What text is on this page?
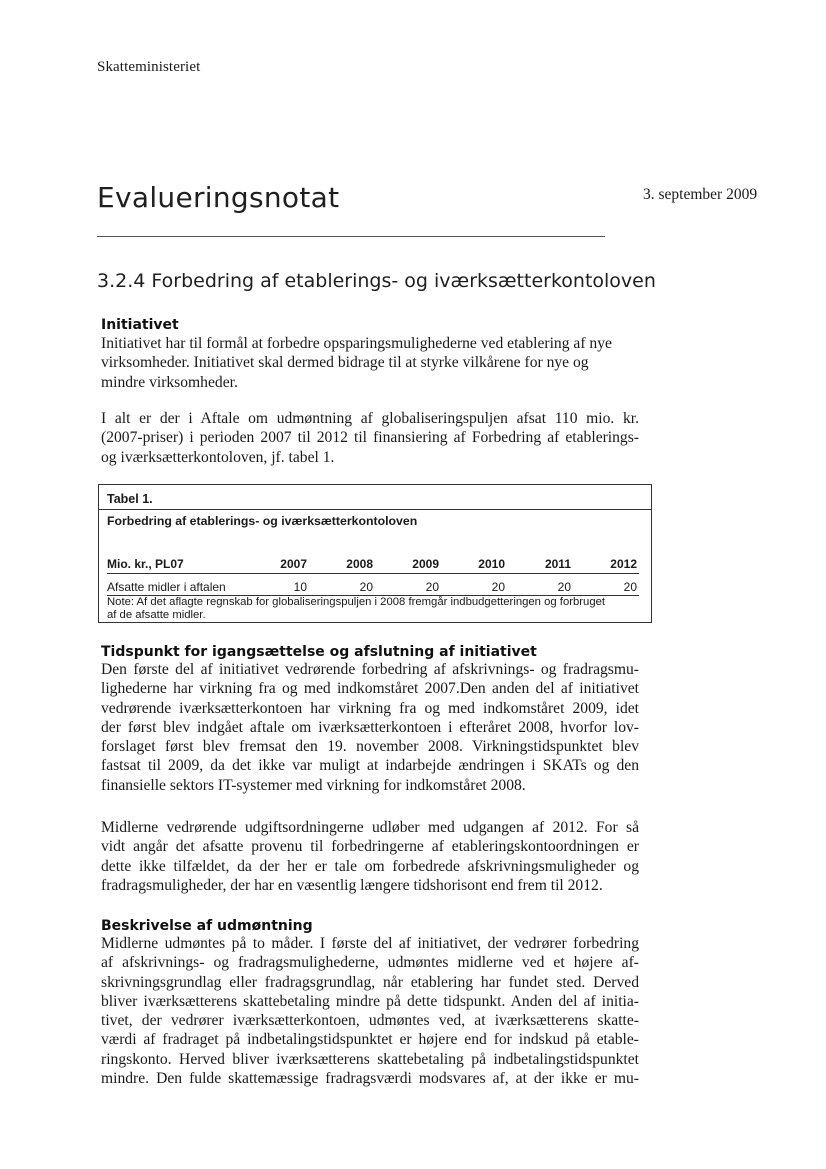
Skatteministeriet
Evalueringsnotat	3. september 2009
3.2.4 Forbedring af etablerings- og iværksætterkontoloven
Initiativet
Initiativet har til formål at forbedre opsparingsmulighederne ved etablering af nye
virksomheder. Initiativet skal dermed bidrage til at styrke vilkårene for nye og
mindre virksomheder.
I alt er der i Aftale om udmøntning af globaliseringspuljen afsat 110 mio. kr.
(2007-priser) i perioden 2007 til 2012 til finansiering af Forbedring af etablerings-
og iværksætterkontoloven, jf. tabel 1.
Tabel 1.
Forbedring af etablerings- og iværksætterkontoloven
Mio. kr., PL07	2007	2008	2009	2010	2011	2012
Afsatte midler i aftalen	10	20	20	20	20	20
Note: Af det aflagte regnskab for globaliseringspuljen i 2008 fremgår indbudgetteringen og forbruget
af de afsatte midler.
Tidspunkt for igangsættelse og afslutning af initiativet
Den første del af initiativet vedrørende forbedring af afskrivnings- og fradragsmu-
lighederne har virkning fra og med indkomståret 2007.Den anden del af initiativet
vedrørende iværksætterkontoen har virkning fra og med indkomståret 2009, idet
der først blev indgået aftale om iværksætterkontoen i efteråret 2008, hvorfor lov-
forslaget først blev fremsat den 19. november 2008. Virkningstidspunktet blev
fastsat til 2009, da det ikke var muligt at indarbejde ændringen i SKATs og den
finansielle sektors IT-systemer med virkning for indkomståret 2008.
Midlerne vedrørende udgiftsordningerne udløber med udgangen af 2012. For så
vidt angår det afsatte provenu til forbedringerne af etableringskontoordningen er
dette ikke tilfældet, da der her er tale om forbedrede afskrivningsmuligheder og
fradragsmuligheder, der har en væsentlig længere tidshorisont end frem til 2012.
Beskrivelse af udmøntning
Midlerne udmøntes på to måder. I første del af initiativet, der vedrører forbedring
af afskrivnings- og fradragsmulighederne, udmøntes midlerne ved et højere af-
skrivningsgrundlag eller fradragsgrundlag, når etablering har fundet sted. Derved
bliver iværksætterens skattebetaling mindre på dette tidspunkt. Anden del af initia-
tivet, der vedrører iværksætterkontoen, udmøntes ved, at iværksætterens skatte-
værdi af fradraget på indbetalingstidspunktet er højere end for indskud på etable-
ringskonto. Herved bliver iværksætterens skattebetaling på indbetalingstidspunktet
mindre. Den fulde skattemæssige fradragsværdi modsvares af, at der ikke er mu-
